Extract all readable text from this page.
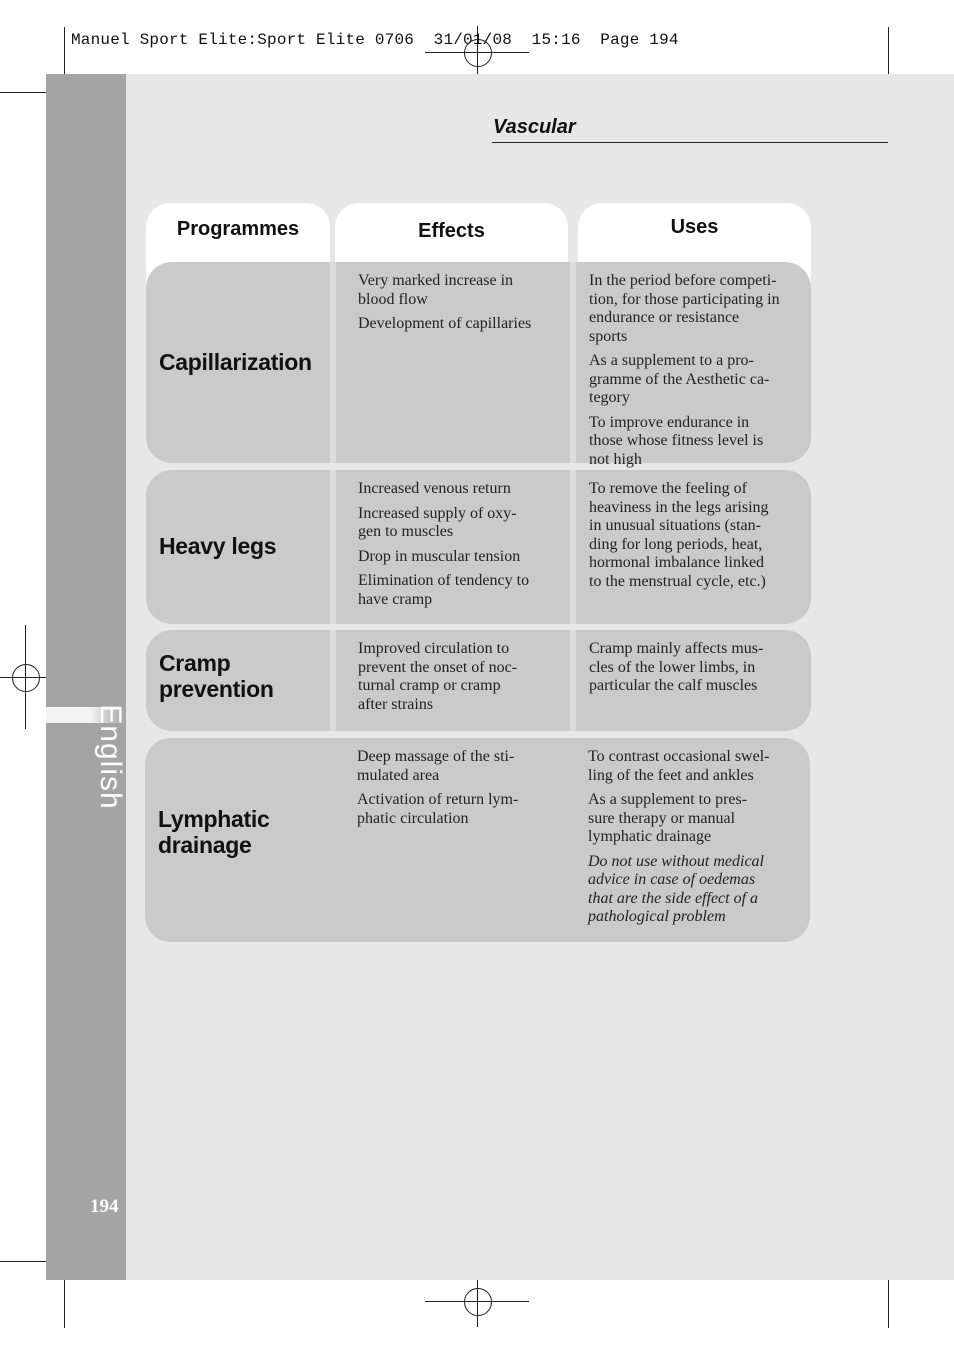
Manuel Sport Elite:Sport Elite 0706  31/01/08  15:16  Page 194
English
194
Vascular
Programmes	Effects	Uses
Capillarization

Very marked increase in
blood flow

Development of capillaries

In the period before competi-
tion, for those participating in
endurance or resistance
sports

As a supplement to a pro-
gramme of the Aesthetic ca-
tegory

To improve endurance in
those whose fitness level is
not high

Heavy legs

Increased venous return

Increased supply of oxy-
gen to muscles

Drop in muscular tension

Elimination of tendency to
have cramp

To remove the feeling of
heaviness in the legs arising
in unusual situations (stan-
ding for long periods, heat,
hormonal imbalance linked
to the menstrual cycle, etc.)

Cramp
prevention

Improved circulation to
prevent the onset of noc-
turnal cramp or cramp
after strains

Cramp mainly affects mus-
cles of the lower limbs, in
particular the calf muscles

Lymphatic
drainage

Deep massage of the sti-
mulated area

Activation of return lym-
phatic circulation

To contrast occasional swel-
ling of the feet and ankles

As a supplement to pres-
sure therapy or manual
lymphatic drainage

Do not use without medical
advice in case of oedemas
that are the side effect of a
pathological problem
